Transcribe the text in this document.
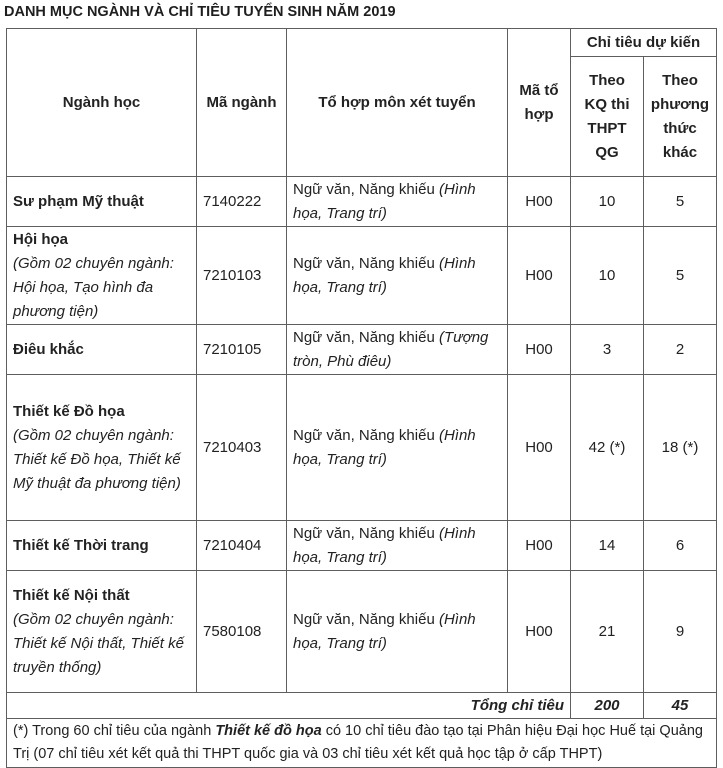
DANH MỤC NGÀNH VÀ CHỈ TIÊU TUYỂN SINH NĂM 2019
Ngành học	Mã ngành	Tổ hợp môn xét tuyển	Mã tổ hợp	Chỉ tiêu dự kiến	
				Theo KQ thi THPT QG	Theo phương thức khác

Sư phạm Mỹ thuật	7140222	Ngữ văn, Năng khiếu (Hình họa, Trang trí)	H00	10	5

Hội họa
(Gồm 02 chuyên ngành: Hội họa, Tạo hình đa phương tiện)	7210103	Ngữ văn, Năng khiếu (Hình họa, Trang trí)	H00	10	5

Điêu khắc	7210105	Ngữ văn, Năng khiếu (Tượng tròn, Phù điêu)	H00	3	2

Thiết kế Đồ họa
(Gồm 02 chuyên ngành: Thiết kế Đồ họa, Thiết kế Mỹ thuật đa phương tiện)	7210403	Ngữ văn, Năng khiếu (Hình họa, Trang trí)	H00	42 (*)	18 (*)

Thiết kế Thời trang	7210404	Ngữ văn, Năng khiếu (Hình họa, Trang trí)	H00	14	6

Thiết kế Nội thất
(Gồm 02 chuyên ngành: Thiết kế Nội thất, Thiết kế truyền thống)	7580108	Ngữ văn, Năng khiếu (Hình họa, Trang trí)	H00	21	9
Tổng chỉ tiêu				200	45
(*) Trong 60 chỉ tiêu của ngành Thiết kế đồ họa có 10 chỉ tiêu đào tạo tại Phân hiệu Đại học Huế tại Quảng Trị (07 chỉ tiêu xét kết quả thi THPT quốc gia và 03 chỉ tiêu xét kết quả học tập ở cấp THPT)					
